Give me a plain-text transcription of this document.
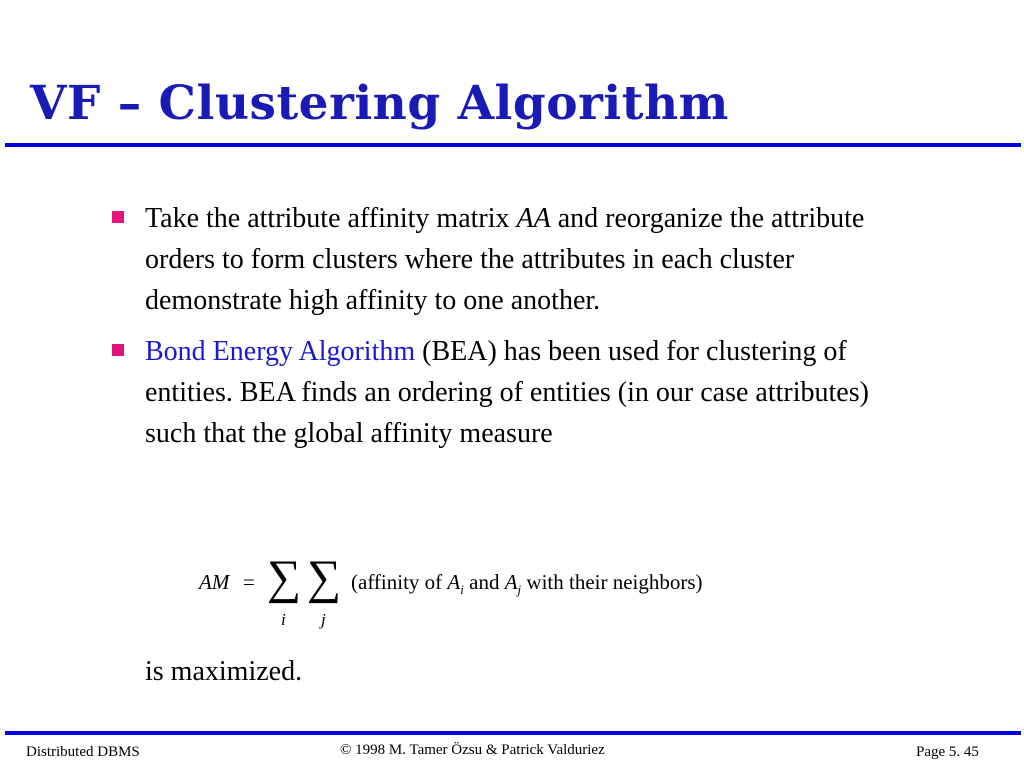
VF – Clustering Algorithm
Take the attribute affinity matrix AA and reorganize the attribute orders to form clusters where the attributes in each cluster demonstrate high affinity to one another.
Bond Energy Algorithm (BEA) has been used for clustering of entities. BEA finds an ordering of entities (in our case attributes) such that the global affinity measure
AM = ∑
i
∑
j
(affinity of $A_i$ and $A_j$ with their neighbors)
is maximized.
Distributed DBMS	© 1998 M. Tamer Özsu & Patrick Valduriez	Page 5. 45
